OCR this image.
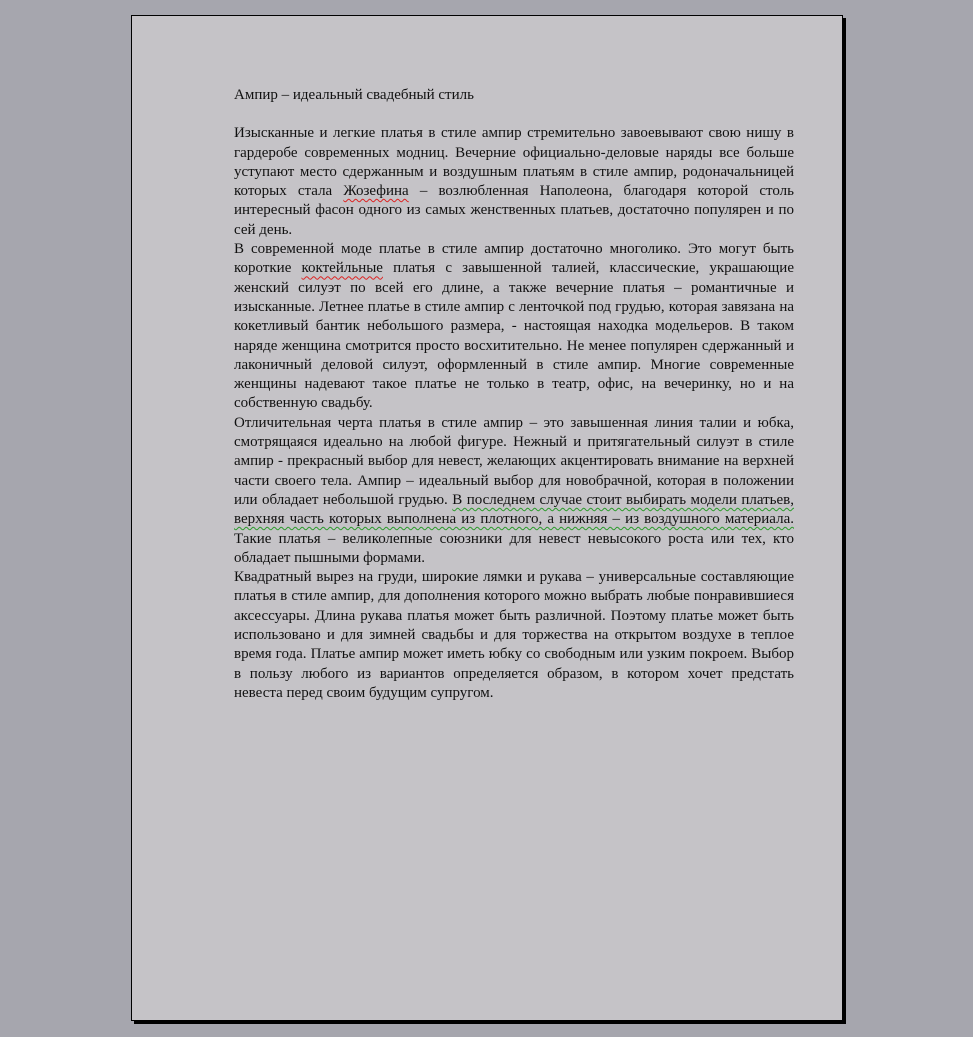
Ампир – идеальный свадебный стиль

Изысканные и легкие платья в стиле ампир стремительно завоевывают свою нишу в гардеробе современных модниц. Вечерние официально-деловые наряды все больше уступают место сдержанным и воздушным платьям в стиле ампир, родоначальницей которых стала Жозефина – возлюбленная Наполеона, благодаря которой столь интересный фасон одного из самых женственных платьев, достаточно популярен и по сей день.

В современной моде платье в стиле ампир достаточно многолико. Это могут быть короткие коктейльные платья с завышенной талией, классические, украшающие женский силуэт по всей его длине, а также вечерние платья – романтичные и изысканные. Летнее платье в стиле ампир с ленточкой под грудью, которая завязана на кокетливый бантик небольшого размера, - настоящая находка модельеров. В таком наряде женщина смотрится просто восхитительно. Не менее популярен сдержанный и лаконичный деловой силуэт, оформленный в стиле ампир. Многие современные женщины надевают такое платье не только в театр, офис, на вечеринку, но и на собственную свадьбу.

Отличительная черта платья в стиле ампир – это завышенная линия талии и юбка, смотрящаяся идеально на любой фигуре. Нежный и притягательный силуэт в стиле ампир - прекрасный выбор для невест, желающих акцентировать внимание на верхней части своего тела. Ампир – идеальный выбор для новобрачной, которая в положении или обладает небольшой грудью. В последнем случае стоит выбирать модели платьев, верхняя часть которых выполнена из плотного, а нижняя – из воздушного материала. Такие платья – великолепные союзники для невест невысокого роста или тех, кто обладает пышными формами.

Квадратный вырез на груди, широкие лямки и рукава – универсальные составляющие платья в стиле ампир, для дополнения которого можно выбрать любые понравившиеся аксессуары. Длина рукава платья может быть различной. Поэтому платье может быть использовано и для зимней свадьбы и для торжества на открытом воздухе в теплое время года. Платье ампир может иметь юбку со свободным или узким покроем. Выбор в пользу любого из вариантов определяется образом, в котором хочет предстать невеста перед своим будущим супругом.
